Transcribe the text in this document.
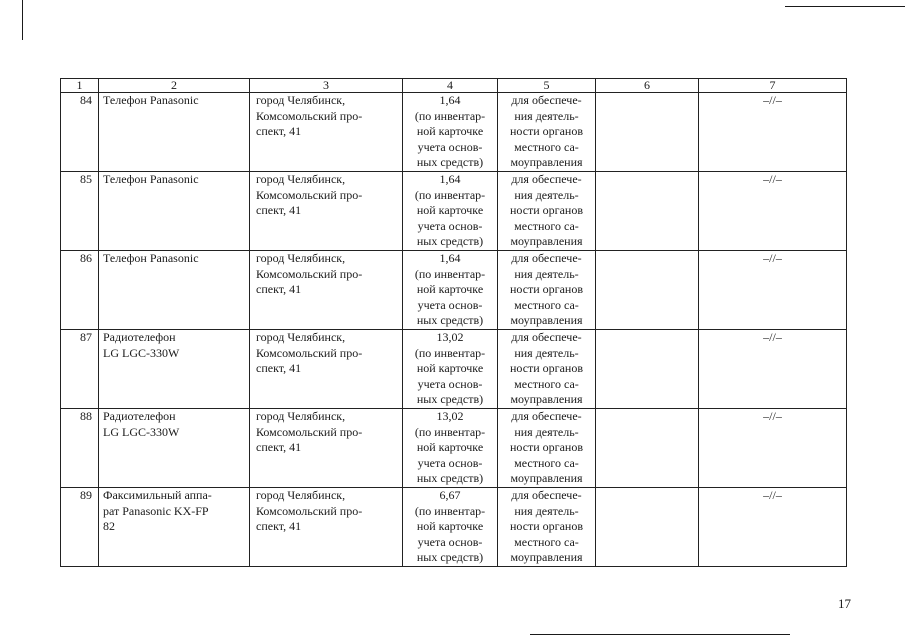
1	2	3	4	5	6	7
84	Телефон Panasonic	город Челябинск,
Комсомольский про-
спект, 41	1,64
(по инвентар-
ной карточке
учета основ-
ных средств)	для обеспече-
ния деятель-
ности органов
местного са-
моуправления		–//–
85	Телефон Panasonic	город Челябинск,
Комсомольский про-
спект, 41	1,64
(по инвентар-
ной карточке
учета основ-
ных средств)	для обеспече-
ния деятель-
ности органов
местного са-
моуправления		–//–
86	Телефон Panasonic	город Челябинск,
Комсомольский про-
спект, 41	1,64
(по инвентар-
ной карточке
учета основ-
ных средств)	для обеспече-
ния деятель-
ности органов
местного са-
моуправления		–//–
87	Радиотелефон
LG LGC-330W	город Челябинск,
Комсомольский про-
спект, 41	13,02
(по инвентар-
ной карточке
учета основ-
ных средств)	для обеспече-
ния деятель-
ности органов
местного са-
моуправления		–//–
88	Радиотелефон
LG LGC-330W	город Челябинск,
Комсомольский про-
спект, 41	13,02
(по инвентар-
ной карточке
учета основ-
ных средств)	для обеспече-
ния деятель-
ности органов
местного са-
моуправления		–//–
89	Факсимильный аппа-
рат Panasonic KX-FP
82	город Челябинск,
Комсомольский про-
спект, 41	6,67
(по инвентар-
ной карточке
учета основ-
ных средств)	для обеспече-
ния деятель-
ности органов
местного са-
моуправления		–//–
17
